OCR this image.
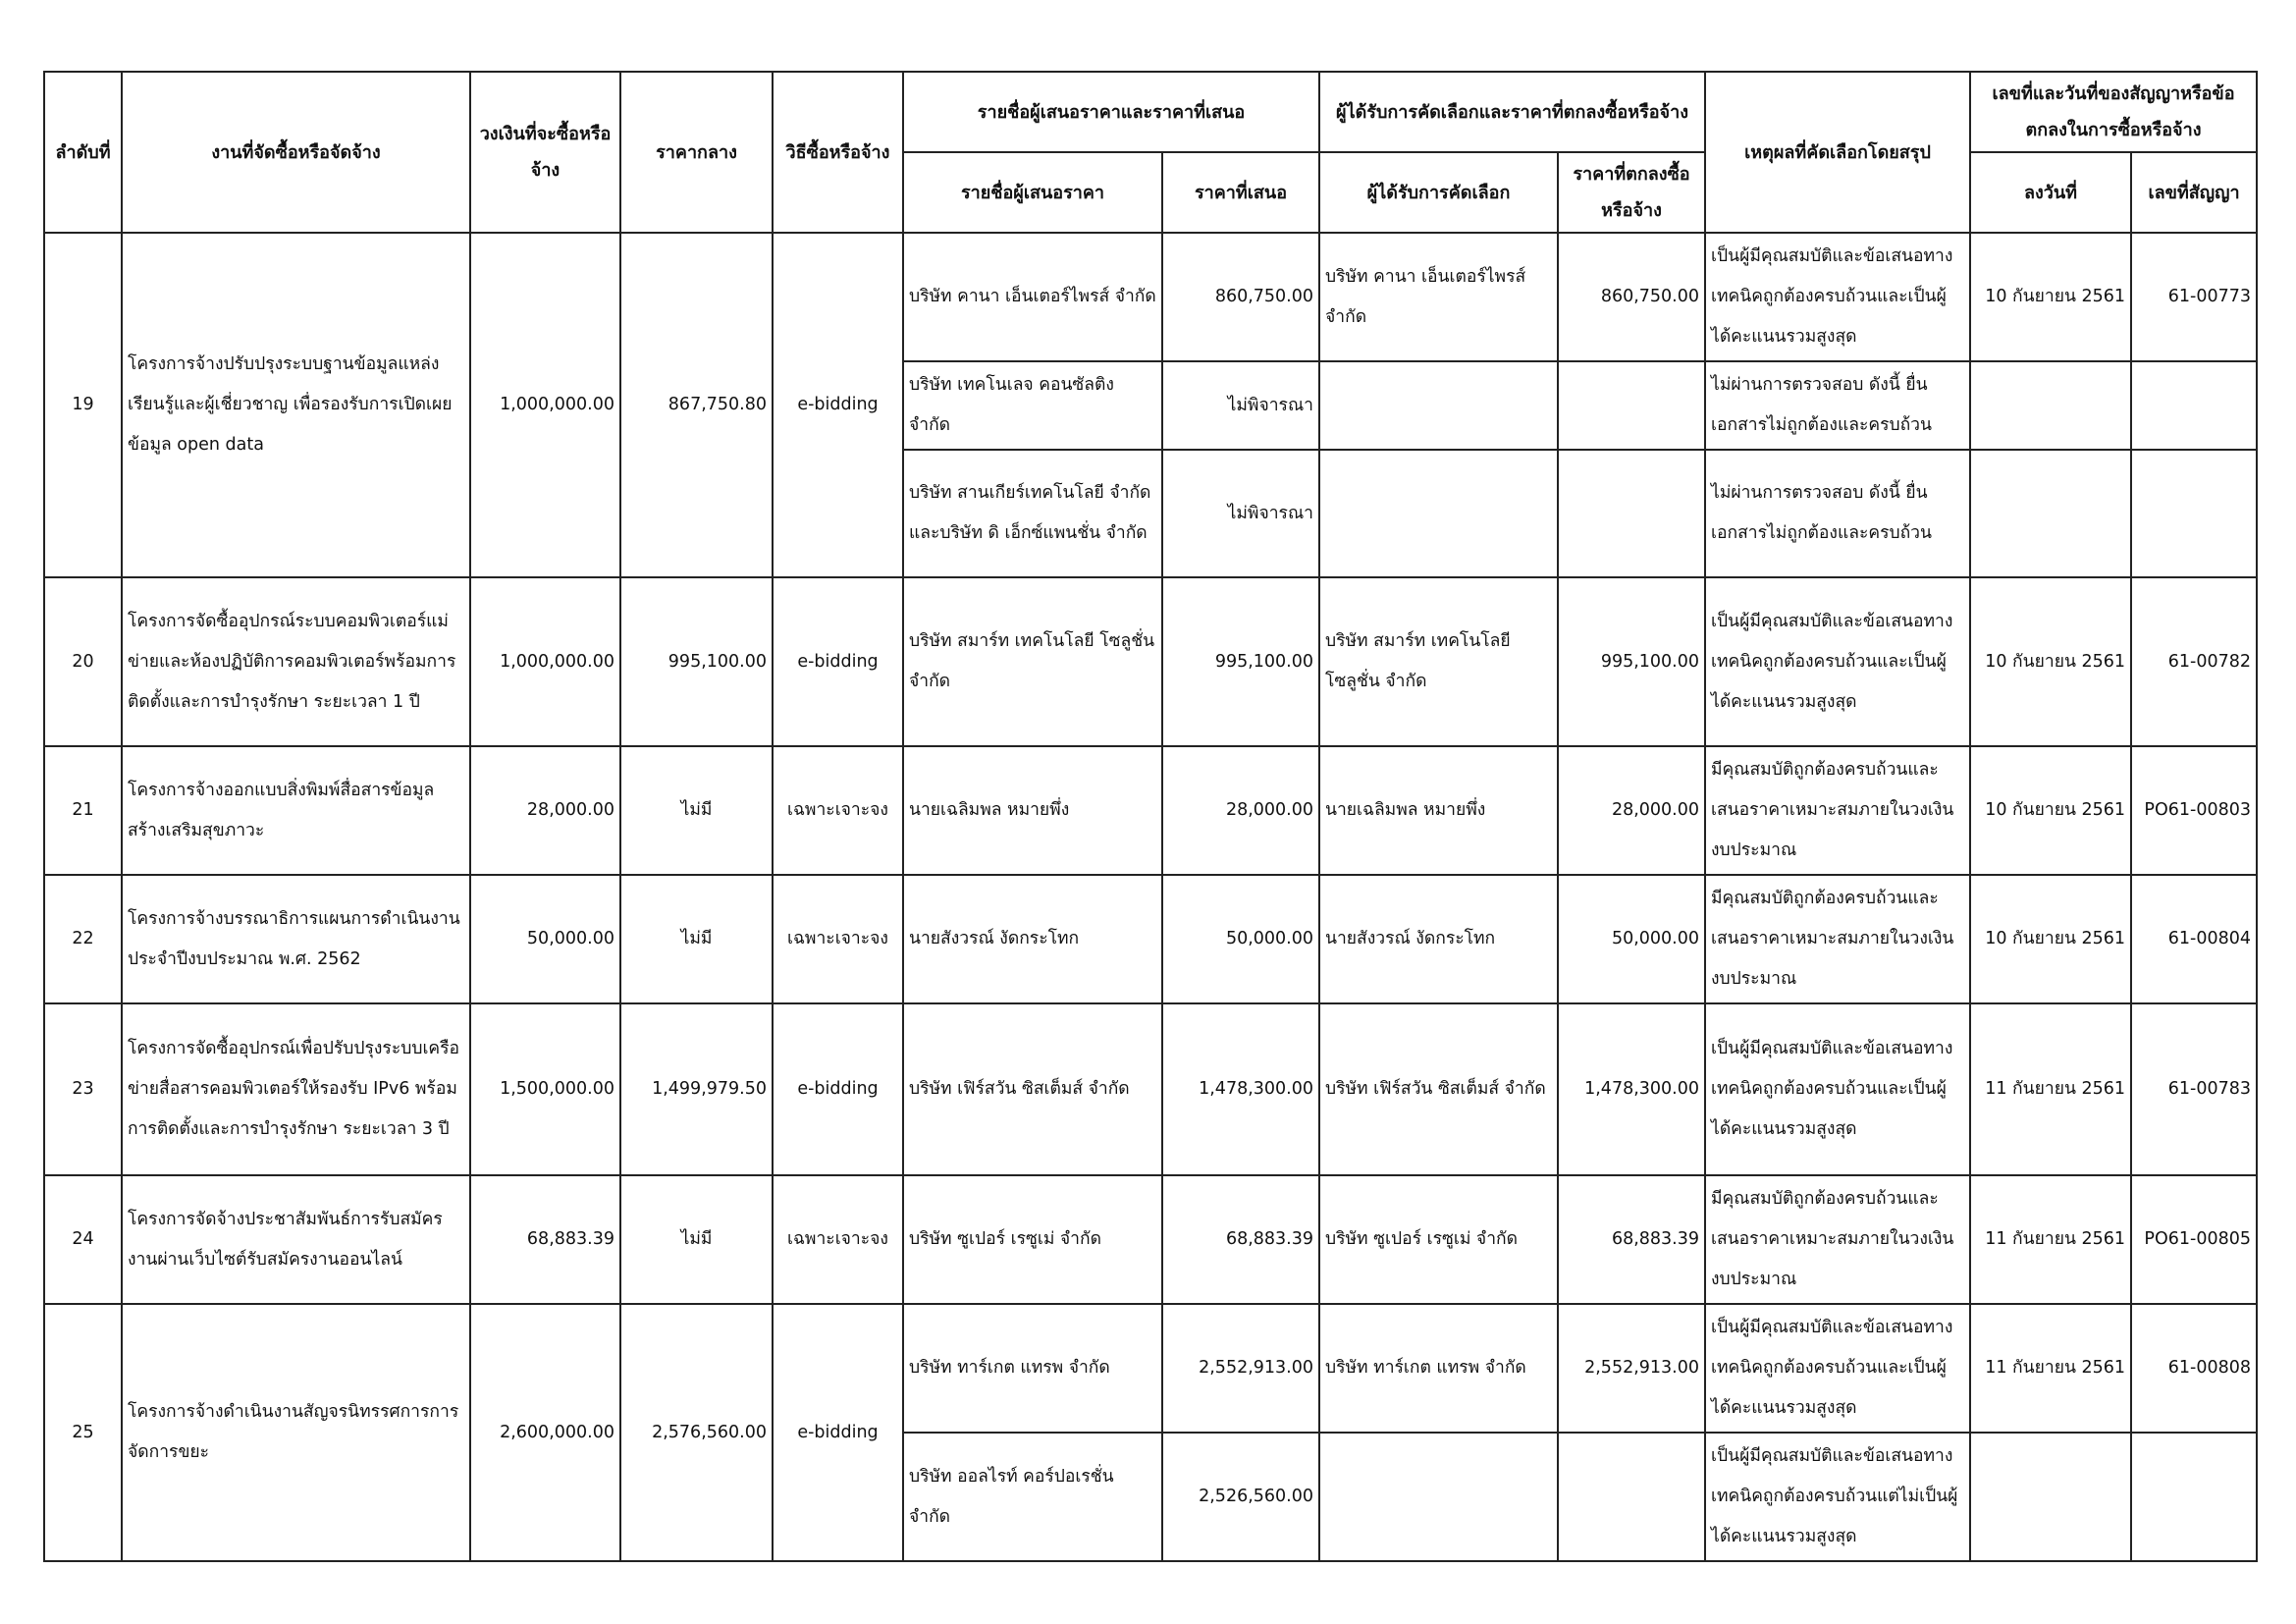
ลำดับที่	งานที่จัดซื้อหรือจัดจ้าง	วงเงินที่จะซื้อหรือจ้าง	ราคากลาง	วิธีซื้อหรือจ้าง	รายชื่อผู้เสนอราคาและราคาที่เสนอ		ผู้ได้รับการคัดเลือกและราคาที่ตกลงซื้อหรือจ้าง		เหตุผลที่คัดเลือกโดยสรุป	เลขที่และวันที่ของสัญญาหรือข้อตกลงในการซื้อหรือจ้าง	
					รายชื่อผู้เสนอราคา	ราคาที่เสนอ	ผู้ได้รับการคัดเลือก	ราคาที่ตกลงซื้อหรือจ้าง		ลงวันที่	เลขที่สัญญา
19	โครงการจ้างปรับปรุงระบบฐานข้อมูลแหล่งเรียนรู้และผู้เชี่ยวชาญ เพื่อรองรับการเปิดเผยข้อมูล open data	1,000,000.00	867,750.80	e-bidding	บริษัท คานา เอ็นเตอร์ไพรส์ จำกัด	860,750.00	บริษัท คานา เอ็นเตอร์ไพรส์ จำกัด	860,750.00	เป็นผู้มีคุณสมบัติและข้อเสนอทางเทคนิคถูกต้องครบถ้วนและเป็นผู้ได้คะแนนรวมสูงสุด	10 กันยายน 2561	61-00773
					บริษัท เทคโนเลจ คอนซัลติง จำกัด	ไม่พิจารณา			ไม่ผ่านการตรวจสอบ ดังนี้ ยื่นเอกสารไม่ถูกต้องและครบถ้วน		
					บริษัท สานเกียร์เทคโนโลยี จำกัด และบริษัท ดิ เอ็กซ์แพนชั่น จำกัด	ไม่พิจารณา			ไม่ผ่านการตรวจสอบ ดังนี้ ยื่นเอกสารไม่ถูกต้องและครบถ้วน		
20	โครงการจัดซื้ออุปกรณ์ระบบคอมพิวเตอร์แม่ข่ายและห้องปฏิบัติการคอมพิวเตอร์พร้อมการติดตั้งและการบำรุงรักษา ระยะเวลา 1 ปี	1,000,000.00	995,100.00	e-bidding	บริษัท สมาร์ท เทคโนโลยี โซลูชั่น จำกัด	995,100.00	บริษัท สมาร์ท เทคโนโลยี โซลูชั่น จำกัด	995,100.00	เป็นผู้มีคุณสมบัติและข้อเสนอทางเทคนิคถูกต้องครบถ้วนและเป็นผู้ได้คะแนนรวมสูงสุด	10 กันยายน 2561	61-00782
21	โครงการจ้างออกแบบสิ่งพิมพ์สื่อสารข้อมูลสร้างเสริมสุขภาวะ	28,000.00	ไม่มี	เฉพาะเจาะจง	นายเฉลิมพล หมายพึ่ง	28,000.00	นายเฉลิมพล หมายพึ่ง	28,000.00	มีคุณสมบัติถูกต้องครบถ้วนและเสนอราคาเหมาะสมภายในวงเงินงบประมาณ	10 กันยายน 2561	PO61-00803
22	โครงการจ้างบรรณาธิการแผนการดำเนินงานประจำปีงบประมาณ พ.ศ. 2562	50,000.00	ไม่มี	เฉพาะเจาะจง	นายสังวรณ์ งัดกระโทก	50,000.00	นายสังวรณ์ งัดกระโทก	50,000.00	มีคุณสมบัติถูกต้องครบถ้วนและเสนอราคาเหมาะสมภายในวงเงินงบประมาณ	10 กันยายน 2561	61-00804
23	โครงการจัดซื้ออุปกรณ์เพื่อปรับปรุงระบบเครือข่ายสื่อสารคอมพิวเตอร์ให้รองรับ IPv6 พร้อมการติดตั้งและการบำรุงรักษา ระยะเวลา 3 ปี	1,500,000.00	1,499,979.50	e-bidding	บริษัท เฟิร์สวัน ซิสเต็มส์ จำกัด	1,478,300.00	บริษัท เฟิร์สวัน ซิสเต็มส์ จำกัด	1,478,300.00	เป็นผู้มีคุณสมบัติและข้อเสนอทางเทคนิคถูกต้องครบถ้วนและเป็นผู้ได้คะแนนรวมสูงสุด	11 กันยายน 2561	61-00783
24	โครงการจัดจ้างประชาสัมพันธ์การรับสมัครงานผ่านเว็บไซต์รับสมัครงานออนไลน์	68,883.39	ไม่มี	เฉพาะเจาะจง	บริษัท ซูเปอร์ เรซูเม่ จำกัด	68,883.39	บริษัท ซูเปอร์ เรซูเม่ จำกัด	68,883.39	มีคุณสมบัติถูกต้องครบถ้วนและเสนอราคาเหมาะสมภายในวงเงินงบประมาณ	11 กันยายน 2561	PO61-00805
25	โครงการจ้างดำเนินงานสัญจรนิทรรศการการจัดการขยะ	2,600,000.00	2,576,560.00	e-bidding	บริษัท ทาร์เกต แทรพ จำกัด	2,552,913.00	บริษัท ทาร์เกต แทรพ จำกัด	2,552,913.00	เป็นผู้มีคุณสมบัติและข้อเสนอทางเทคนิคถูกต้องครบถ้วนและเป็นผู้ได้คะแนนรวมสูงสุด	11 กันยายน 2561	61-00808
					บริษัท ออลไรท์ คอร์ปอเรชั่น จำกัด	2,526,560.00			เป็นผู้มีคุณสมบัติและข้อเสนอทางเทคนิคถูกต้องครบถ้วนแต่ไม่เป็นผู้ได้คะแนนรวมสูงสุด		
